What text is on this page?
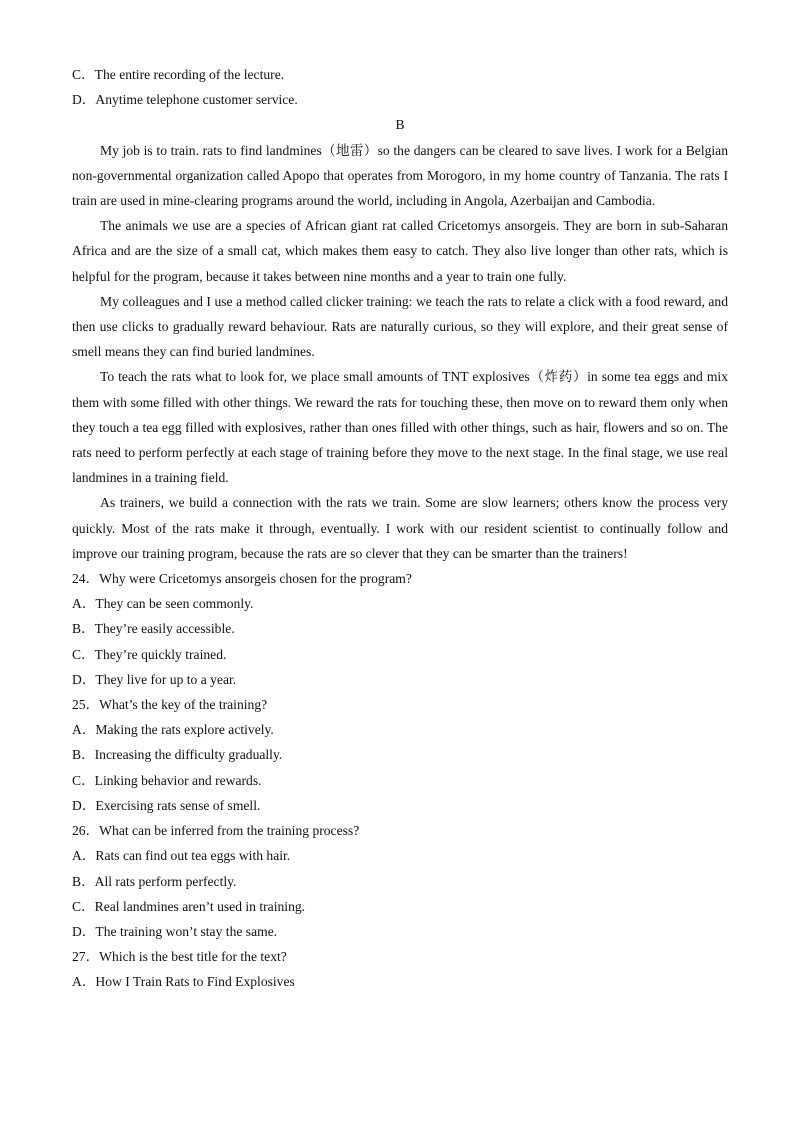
C．The entire recording of the lecture.
D．Anytime telephone customer service.
B
My job is to train. rats to find landmines（地雷）so the dangers can be cleared to save lives. I work for a Belgian non-governmental organization called Apopo that operates from Morogoro, in my home country of Tanzania. The rats I train are used in mine-clearing programs around the world, including in Angola, Azerbaijan and Cambodia.
The animals we use are a species of African giant rat called Cricetomys ansorgeis. They are born in sub-Saharan Africa and are the size of a small cat, which makes them easy to catch. They also live longer than other rats, which is helpful for the program, because it takes between nine months and a year to train one fully.
My colleagues and I use a method called clicker training: we teach the rats to relate a click with a food reward, and then use clicks to gradually reward behaviour. Rats are naturally curious, so they will explore, and their great sense of smell means they can find buried landmines.
To teach the rats what to look for, we place small amounts of TNT explosives（炸药）in some tea eggs and mix them with some filled with other things. We reward the rats for touching these, then move on to reward them only when they touch a tea egg filled with explosives, rather than ones filled with other things, such as hair, flowers and so on. The rats need to perform perfectly at each stage of training before they move to the next stage. In the final stage, we use real landmines in a training field.
As trainers, we build a connection with the rats we train. Some are slow learners; others know the process very quickly. Most of the rats make it through, eventually. I work with our resident scientist to continually follow and improve our training program, because the rats are so clever that they can be smarter than the trainers!
24．Why were Cricetomys ansorgeis chosen for the program?
A．They can be seen commonly.
B．They’re easily accessible.
C．They’re quickly trained.
D．They live for up to a year.
25．What’s the key of the training?
A．Making the rats explore actively.
B．Increasing the difficulty gradually.
C．Linking behavior and rewards.
D．Exercising rats sense of smell.
26．What can be inferred from the training process?
A．Rats can find out tea eggs with hair.
B．All rats perform perfectly.
C．Real landmines aren’t used in training.
D．The training won’t stay the same.
27．Which is the best title for the text?
A．How I Train Rats to Find Explosives
